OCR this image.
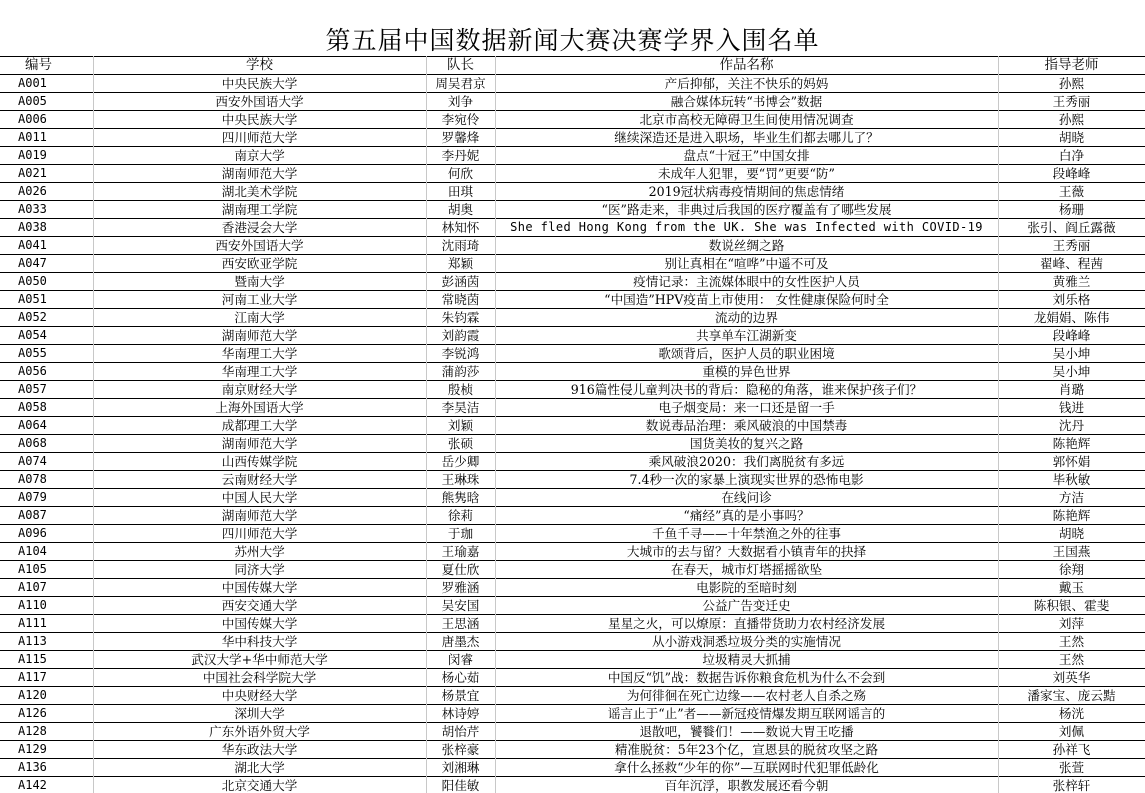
第五届中国数据新闻大赛决赛学界入围名单
编号	学校	队长	作品名称	指导老师
A001	中央民族大学	周吴君京	产后抑郁，关注不快乐的妈妈	孙熙
A005	西安外国语大学	刘争	融合媒体玩转“书博会”数据	王秀丽
A006	中央民族大学	李宛伶	北京市高校无障碍卫生间使用情况调查	孙熙
A011	四川师范大学	罗馨烽	继续深造还是进入职场，毕业生们都去哪儿了？	胡晓
A019	南京大学	李丹妮	盘点“十冠王”中国女排	白净
A021	湖南师范大学	何欣	未成年人犯罪，要“罚”更要“防”	段峰峰
A026	湖北美术学院	田琪	2019冠状病毒疫情期间的焦虑情绪	王薇
A033	湖南理工学院	胡奥	“医”路走来，非典过后我国的医疗覆盖有了哪些发展	杨珊
A038	香港浸会大学	林知怀	She fled Hong Kong from the UK. She was Infected with COVID-19	张引、阎丘露薇
A041	西安外国语大学	沈雨琦	数说丝绸之路	王秀丽
A047	西安欧亚学院	郑颖	别让真相在“喧哗”中遥不可及	翟峰、程茜
A050	暨南大学	彭涵茵	疫情记录：主流媒体眼中的女性医护人员	黄雅兰
A051	河南工业大学	常晓茵	“中国造”HPV疫苗上市使用： 女性健康保险何时全	刘乐格
A052	江南大学	朱钧霖	流动的边界	龙娟娟、陈伟
A054	湖南师范大学	刘韵霞	共享单车江湖新变	段峰峰
A055	华南理工大学	李锐鸿	歌颂背后，医护人员的职业困境	吴小坤
A056	华南理工大学	蒲韵莎	重模的异色世界	吴小坤
A057	南京财经大学	殷桢	916篇性侵儿童判决书的背后：隐秘的角落，谁来保护孩子们？	肖璐
A058	上海外国语大学	李昊洁	电子烟变局：来一口还是留一手	钱进
A064	成都理工大学	刘颖	数说毒品治理：乘风破浪的中国禁毒	沈丹
A068	湖南师范大学	张硕	国货美妆的复兴之路	陈艳辉
A074	山西传媒学院	岳少卿	乘风破浪2020：我们离脱贫有多远	郭怀娟
A078	云南财经大学	王琳珠	7.4秒一次的家暴上演现实世界的恐怖电影	毕秋敏
A079	中国人民大学	熊隽晗	在线问诊	方洁
A087	湖南师范大学	徐莉	“痛经”真的是小事吗？	陈艳辉
A096	四川师范大学	于珈	千鱼千寻——十年禁渔之外的往事	胡晓
A104	苏州大学	王瑜嘉	大城市的去与留？大数据看小镇青年的抉择	王国燕
A105	同济大学	夏仕欣	在春天，城市灯塔摇摇欲坠	徐翔
A107	中国传媒大学	罗雅涵	电影院的至暗时刻	戴玉
A110	西安交通大学	吴安国	公益广告变迁史	陈积银、霍斐
A111	中国传媒大学	王思涵	星星之火，可以燎原：直播带货助力农村经济发展	刘萍
A113	华中科技大学	唐墨杰	从小游戏洞悉垃圾分类的实施情况	王然
A115	武汉大学+华中师范大学	闵睿	垃圾精灵大抓捕	王然
A117	中国社会科学院大学	杨心茹	中国反“饥”战：数据告诉你粮食危机为什么不会到	刘英华
A120	中央财经大学	杨景宜	为何徘徊在死亡边缘——农村老人自杀之殇	潘家宝、庞云黠
A126	深圳大学	林诗婷	谣言止于“止”者——新冠疫情爆发期互联网谣言的	杨洸
A128	广东外语外贸大学	胡怡芹	退散吧，饕餮们！——数说大胃王吃播	刘佩
A129	华东政法大学	张梓豪	精准脱贫：5年23个亿，宣恩县的脱贫攻坚之路	孙祥飞
A136	湖北大学	刘湘琳	拿什么拯救“少年的你”—互联网时代犯罪低龄化	张萱
A142	北京交通大学	阳佳敏	百年沉浮，职教发展还看今朝	张梓轩
